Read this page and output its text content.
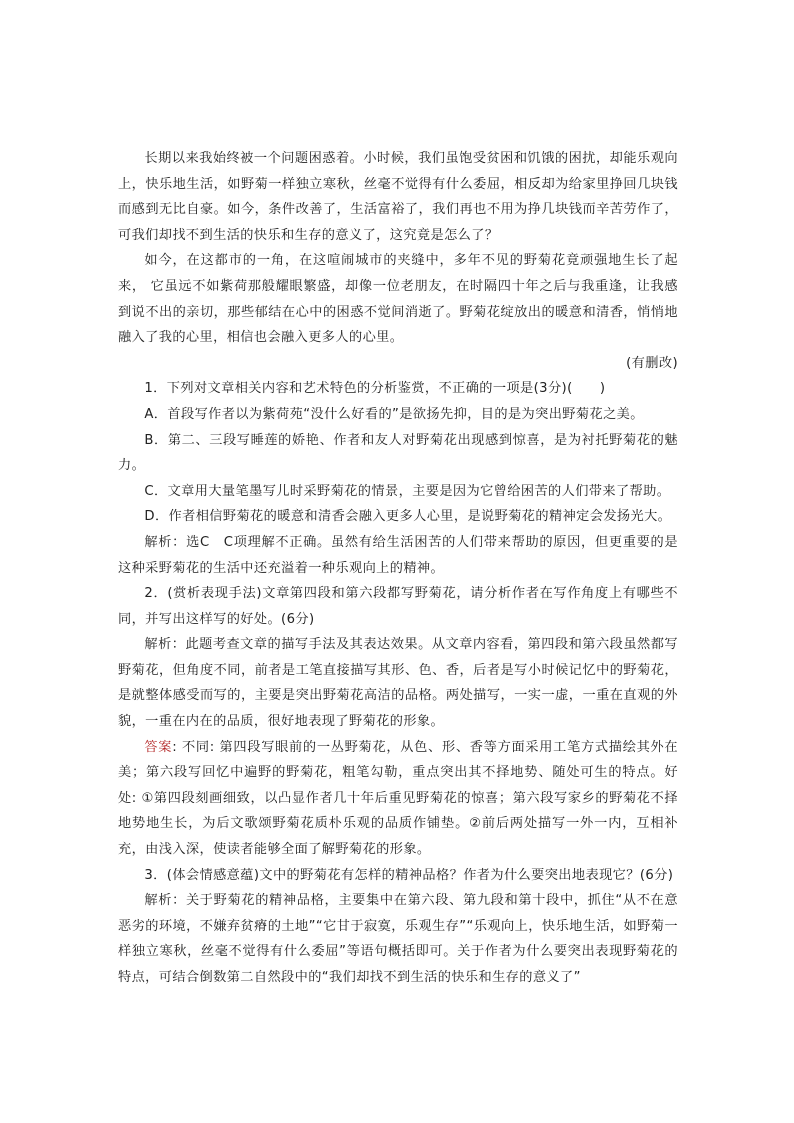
长期以来我始终被一个问题困惑着。小时候，我们虽饱受贫困和饥饿的困扰，却能乐观向上，快乐地生活，如野菊一样独立寒秋，丝毫不觉得有什么委屈，相反却为给家里挣回几块钱而感到无比自豪。如今，条件改善了，生活富裕了，我们再也不用为挣几块钱而辛苦劳作了，可我们却找不到生活的快乐和生存的意义了，这究竟是怎么了？

如今，在这都市的一角，在这喧闹城市的夹缝中，多年不见的野菊花竟顽强地生长了起来， 它虽远不如紫荷那般耀眼繁盛，却像一位老朋友，在时隔四十年之后与我重逢，让我感到说不出的亲切，那些郁结在心中的困惑不觉间消逝了。野菊花绽放出的暖意和清香，悄悄地融入了我的心里，相信也会融入更多人的心里。

(有删改)

1．下列对文章相关内容和艺术特色的分析鉴赏，不正确的一项是(3分)(　　)

A．首段写作者以为紫荷苑“没什么好看的”是欲扬先抑，目的是为突出野菊花之美。

B．第二、三段写睡莲的娇艳、作者和友人对野菊花出现感到惊喜，是为衬托野菊花的魅力。

C．文章用大量笔墨写儿时采野菊花的情景，主要是因为它曾给困苦的人们带来了帮助。

D．作者相信野菊花的暖意和清香会融入更多人心里，是说野菊花的精神定会发扬光大。

解析：选C　C项理解不正确。虽然有给生活困苦的人们带来帮助的原因，但更重要的是这种采野菊花的生活中还充溢着一种乐观向上的精神。

2．(赏析表现手法)文章第四段和第六段都写野菊花，请分析作者在写作角度上有哪些不同，并写出这样写的好处。(6分)

解析：此题考查文章的描写手法及其表达效果。从文章内容看，第四段和第六段虽然都写野菊花，但角度不同，前者是工笔直接描写其形、色、香，后者是写小时候记忆中的野菊花，是就整体感受而写的，主要是突出野菊花高洁的品格。两处描写，一实一虚，一重在直观的外貌，一重在内在的品质，很好地表现了野菊花的形象。

答案: 不同: 第四段写眼前的一丛野菊花，从色、形、香等方面采用工笔方式描绘其外在美；第六段写回忆中遍野的野菊花，粗笔勾勒，重点突出其不择地势、随处可生的特点。好处: ①第四段刻画细致，以凸显作者几十年后重见野菊花的惊喜；第六段写家乡的野菊花不择地势地生长，为后文歌颂野菊花质朴乐观的品质作铺垫。②前后两处描写一外一内，互相补充，由浅入深，使读者能够全面了解野菊花的形象。

3．(体会情感意蕴)文中的野菊花有怎样的精神品格？作者为什么要突出地表现它？(6分)

解析：关于野菊花的精神品格，主要集中在第六段、第九段和第十段中，抓住“从不在意恶劣的环境，不嫌弃贫瘠的土地”“它甘于寂寞，乐观生存”“乐观向上，快乐地生活，如野菊一样独立寒秋，丝毫不觉得有什么委屈”等语句概括即可。关于作者为什么要突出表现野菊花的特点，可结合倒数第二自然段中的“我们却找不到生活的快乐和生存的意义了”
